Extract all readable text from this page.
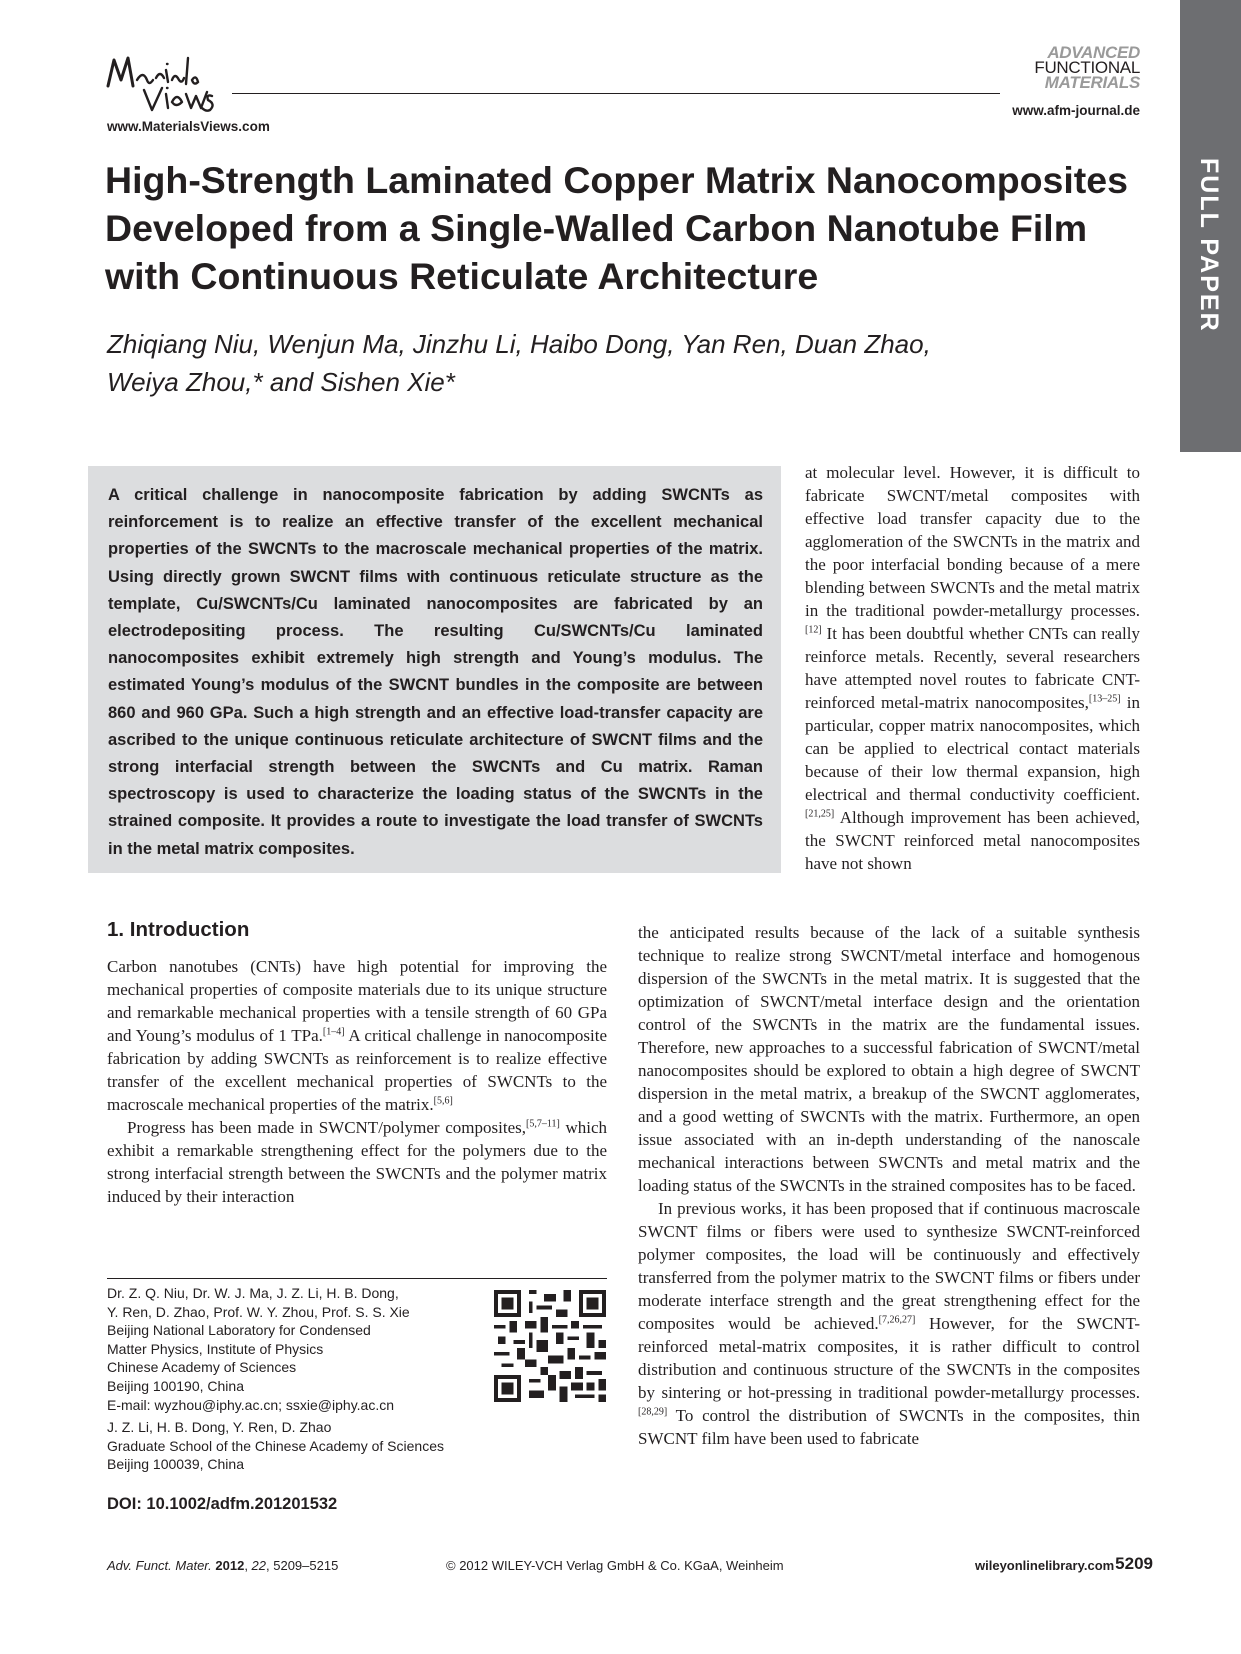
www.MaterialsViews.com
ADVANCED
FUNCTIONAL
MATERIALS
www.afm-journal.de
FULL PAPER
High-Strength Laminated Copper Matrix Nanocomposites Developed from a Single-Walled Carbon Nanotube Film with Continuous Reticulate Architecture
Zhiqiang Niu, Wenjun Ma, Jinzhu Li, Haibo Dong, Yan Ren, Duan Zhao,
Weiya Zhou,* and Sishen Xie*
A critical challenge in nanocomposite fabrication by adding SWCNTs as reinforcement is to realize an effective transfer of the excellent mechanical properties of the SWCNTs to the macroscale mechanical properties of the matrix. Using directly grown SWCNT films with continuous reticulate structure as the template, Cu/SWCNTs/Cu laminated nanocomposites are fabricated by an electrodepositing process. The resulting Cu/SWCNTs/Cu laminated nanocomposites exhibit extremely high strength and Young’s modulus. The estimated Young’s modulus of the SWCNT bundles in the composite are between 860 and 960 GPa. Such a high strength and an effective load-transfer capacity are ascribed to the unique continuous reticulate architecture of SWCNT films and the strong interfacial strength between the SWCNTs and Cu matrix. Raman spectroscopy is used to characterize the loading status of the SWCNTs in the strained composite. It provides a route to investigate the load transfer of SWCNTs in the metal matrix composites.

at molecular level. However, it is difficult to fabricate SWCNT/metal composites with effective load transfer capacity due to the agglomeration of the SWCNTs in the matrix and the poor interfacial bonding because of a mere blending between SWCNTs and the metal matrix in the traditional powder-metallurgy processes.[12] It has been doubtful whether CNTs can really reinforce metals. Recently, several researchers have attempted novel routes to fabricate CNT-reinforced metal-matrix nanocomposites,[13–25] in particular, copper matrix nanocomposites, which can be applied to electrical contact materials because of their low thermal expansion, high electrical and thermal conductivity coefficient.[21,25] Although improvement has been achieved, the SWCNT reinforced metal nanocomposites have not shown

1. Introduction

Carbon nanotubes (CNTs) have high potential for improving the mechanical properties of composite materials due to its unique structure and remarkable mechanical properties with a tensile strength of 60 GPa and Young’s modulus of 1 TPa.[1–4] A critical challenge in nanocomposite fabrication by adding SWCNTs as reinforcement is to realize effective transfer of the excellent mechanical properties of SWCNTs to the macroscale mechanical properties of the matrix.[5,6]

Progress has been made in SWCNT/polymer composites,[5,7–11] which exhibit a remarkable strengthening effect for the polymers due to the strong interfacial strength between the SWCNTs and the polymer matrix induced by their interaction

the anticipated results because of the lack of a suitable synthesis technique to realize strong SWCNT/metal interface and homogenous dispersion of the SWCNTs in the metal matrix. It is suggested that the optimization of SWCNT/metal interface design and the orientation control of the SWCNTs in the matrix are the fundamental issues. Therefore, new approaches to a successful fabrication of SWCNT/metal nanocomposites should be explored to obtain a high degree of SWCNT dispersion in the metal matrix, a breakup of the SWCNT agglomerates, and a good wetting of SWCNTs with the matrix. Furthermore, an open issue associated with an in-depth understanding of the nanoscale mechanical interactions between SWCNTs and metal matrix and the loading status of the SWCNTs in the strained composites has to be faced.

In previous works, it has been proposed that if continuous macroscale SWCNT films or fibers were used to synthesize SWCNT-reinforced polymer composites, the load will be continuously and effectively transferred from the polymer matrix to the SWCNT films or fibers under moderate interface strength and the great strengthening effect for the composites would be achieved.[7,26,27] However, for the SWCNT-reinforced metal-matrix composites, it is rather difficult to control distribution and continuous structure of the SWCNTs in the composites by sintering or hot-pressing in traditional powder-metallurgy processes.[28,29] To control the distribution of SWCNTs in the composites, thin SWCNT film have been used to fabricate

Dr. Z. Q. Niu, Dr. W. J. Ma, J. Z. Li, H. B. Dong,
Y. Ren, D. Zhao, Prof. W. Y. Zhou, Prof. S. S. Xie
Beijing National Laboratory for Condensed
Matter Physics, Institute of Physics
Chinese Academy of Sciences
Beijing 100190, China
E-mail: wyzhou@iphy.ac.cn; ssxie@iphy.ac.cn

J. Z. Li, H. B. Dong, Y. Ren, D. Zhao
Graduate School of the Chinese Academy of Sciences
Beijing 100039, China

DOI: 10.1002/adfm.201201532
Adv. Funct. Mater. 2012, 22, 5209–5215	© 2012 WILEY-VCH Verlag GmbH & Co. KGaA, Weinheim	wileyonlinelibrary.com 5209
